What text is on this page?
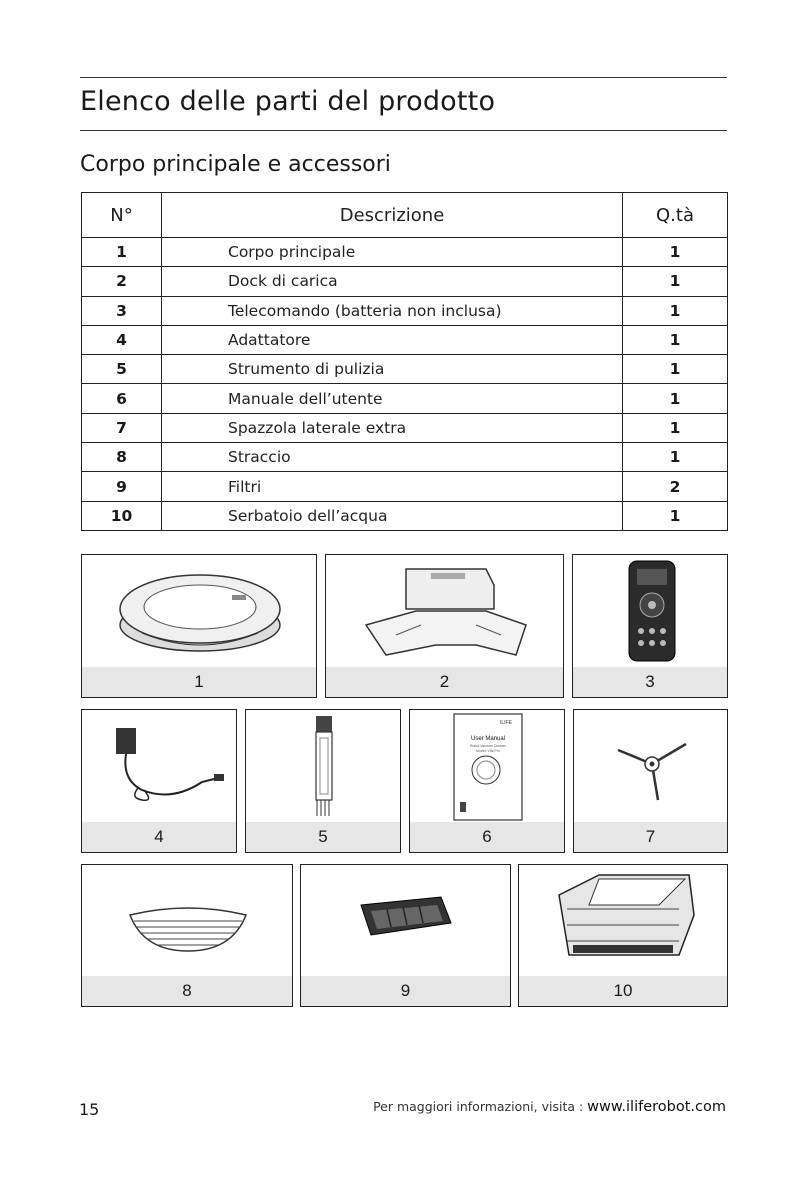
Elenco delle parti del prodotto
Corpo principale e accessori
N°	Descrizione	Q.tà
1	Corpo principale	1
2	Dock di carica	1
3	Telecomando (batteria non inclusa)	1
4	Adattatore	1
5	Strumento di pulizia	1
6	Manuale dell’utente	1
7	Spazzola laterale extra	1
8	Straccio	1
9	Filtri	2
10	Serbatoio dell’acqua	1
1	2	3
4	5
ILIFE
User Manual
Robot Vacuum Cleaner
Model: V5s Pro
6	7
8	9	10
15	Per maggiori informazioni, visita : www.iliferobot.com
